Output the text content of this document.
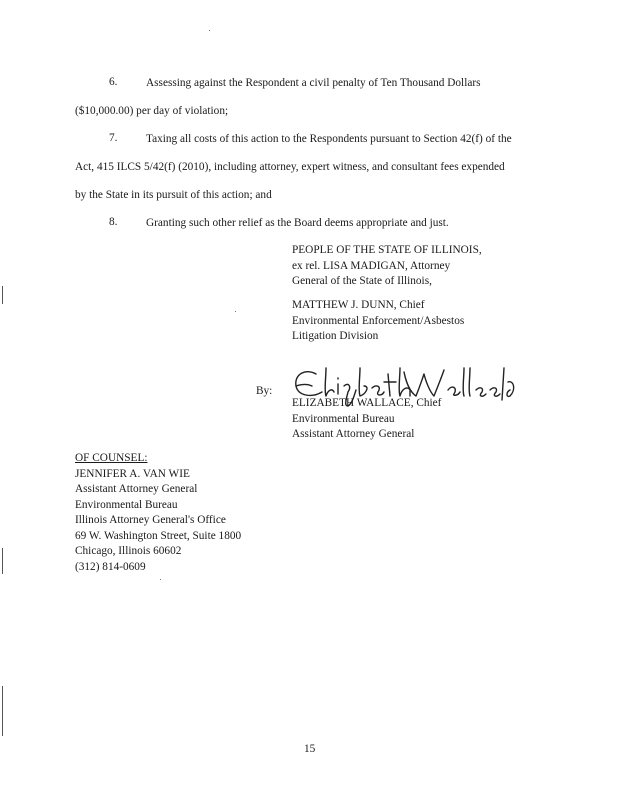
6.	Assessing against the Respondent a civil penalty of Ten Thousand Dollars
($10,000.00) per day of violation;
7.	Taxing all costs of this action to the Respondents pursuant to Section 42(f) of the
Act, 415 ILCS 5/42(f) (2010), including attorney, expert witness, and consultant fees expended
by the State in its pursuit of this action; and
8.	Granting such other relief as the Board deems appropriate and just.
PEOPLE OF THE STATE OF ILLINOIS,
ex rel. LISA MADIGAN, Attorney
General of the State of Illinois,
MATTHEW J. DUNN, Chief
Environmental Enforcement/Asbestos
Litigation Division
By:
ELIZABETH WALLACE, Chief
Environmental Bureau
Assistant Attorney General
OF COUNSEL:
JENNIFER A. VAN WIE
Assistant Attorney General
Environmental Bureau
Illinois Attorney General's Office
69 W. Washington Street, Suite 1800
Chicago, Illinois 60602
(312) 814-0609
15
